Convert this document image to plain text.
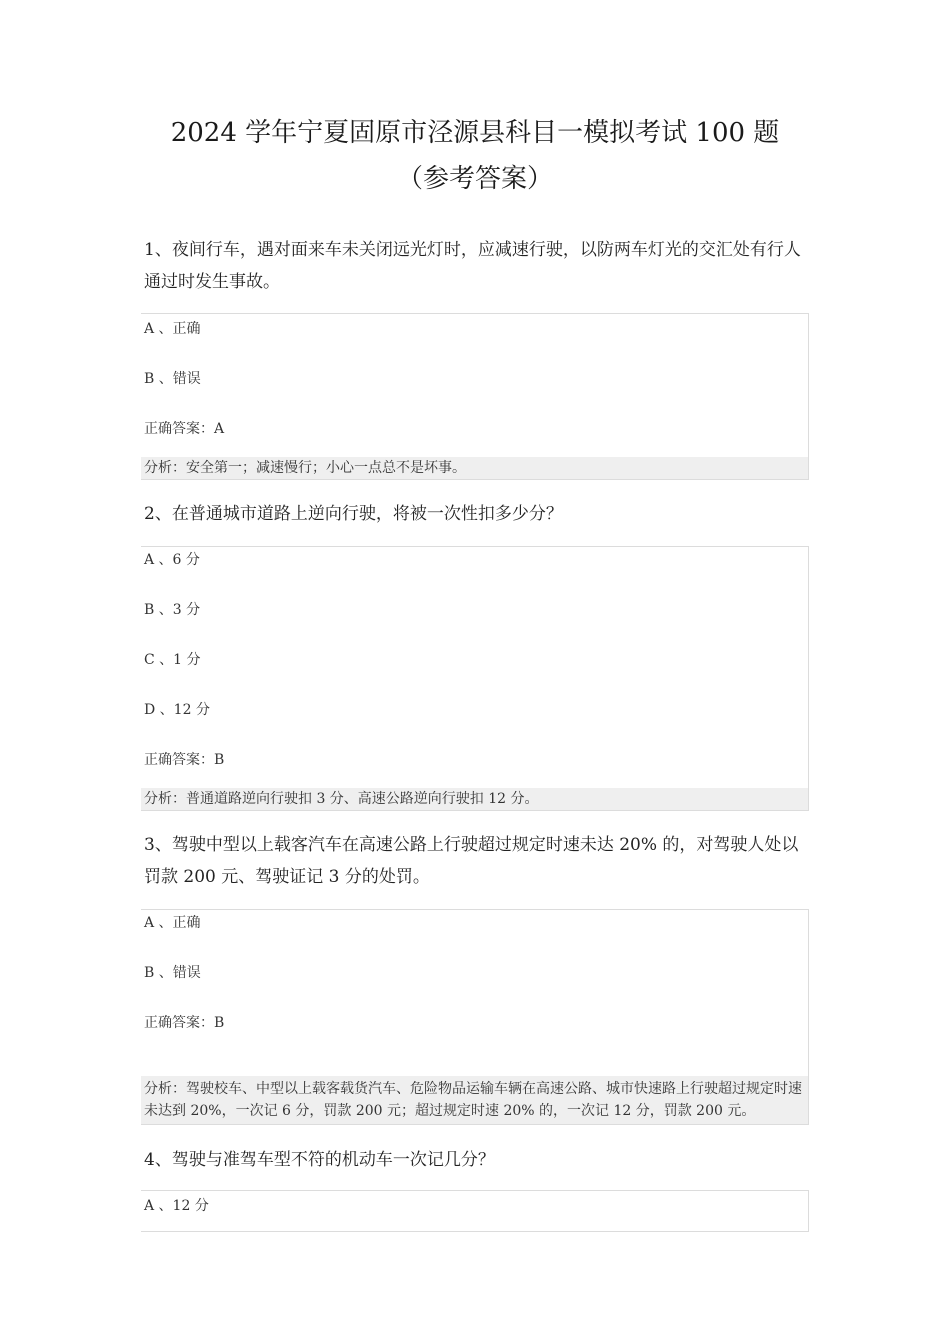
2024 学年宁夏固原市泾源县科目一模拟考试 100 题
（参考答案）
1、夜间行车，遇对面来车未关闭远光灯时，应减速行驶，以防两车灯光的交汇处有行人通过时发生事故。
A 、正确
B 、错误
正确答案：A
分析：安全第一；减速慢行；小心一点总不是坏事。
2、在普通城市道路上逆向行驶，将被一次性扣多少分？
A 、6 分
B 、3 分
C 、1 分
D 、12 分
正确答案：B
分析：普通道路逆向行驶扣 3 分、高速公路逆向行驶扣 12 分。
3、驾驶中型以上载客汽车在高速公路上行驶超过规定时速未达 20% 的，对驾驶人处以罚款 200 元、驾驶证记 3 分的处罚。
A 、正确
B 、错误
正确答案：B
分析：驾驶校车、中型以上载客载货汽车、危险物品运输车辆在高速公路、城市快速路上行驶超过规定时速未达到 20%，一次记 6 分，罚款 200 元；超过规定时速 20% 的，一次记 12 分，罚款 200 元。
4、驾驶与准驾车型不符的机动车一次记几分？
A 、12 分
